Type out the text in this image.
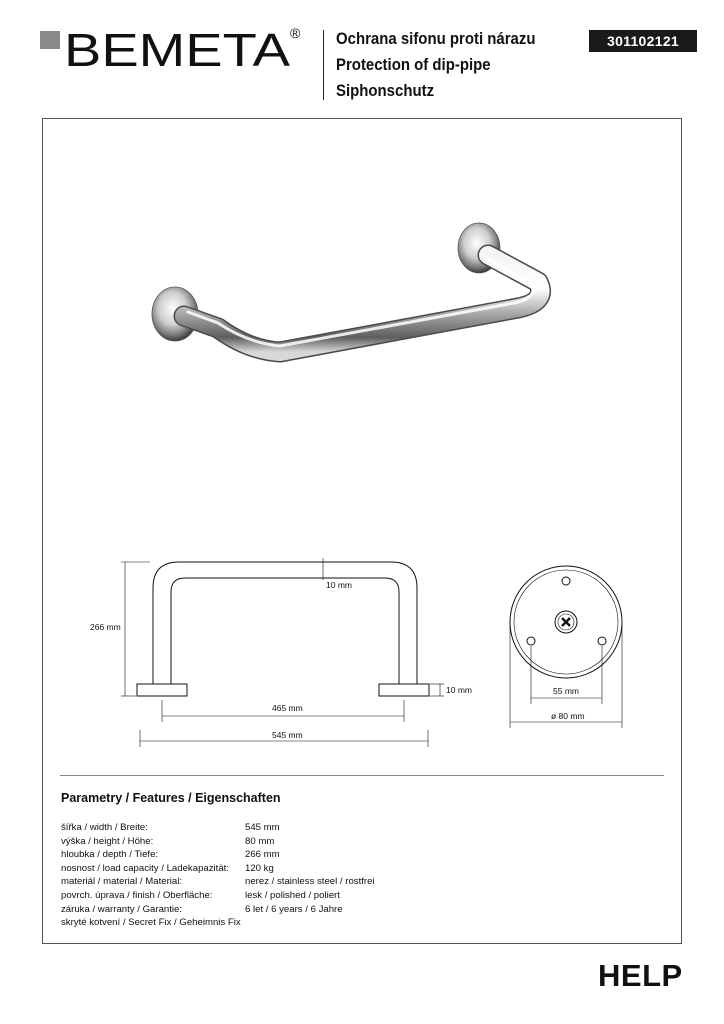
BEMETA ® Ochrana sifonu proti nárazu
Protection of dip-pipe
Siphonschutz
301102121
266 mm
10 mm
10 mm
465 mm
545 mm
55 mm
ø 80 mm
Parametry / Features / Eigenschaften
šířka / width / Breite:	545 mm
výška / height / Höhe:	80 mm
hloubka / depth / Tiefe:	266 mm
nosnost / load capacity / Ladekapazität:	120 kg
materiál / material / Material:	nerez / stainless steel / rostfrei
povrch. úprava / finish / Oberfläche:	lesk / polished / poliert
záruka / warranty / Garantie:	6 let / 6 years / 6 Jahre
skryté kotvení / Secret Fix / Geheimnis Fix
HELP
